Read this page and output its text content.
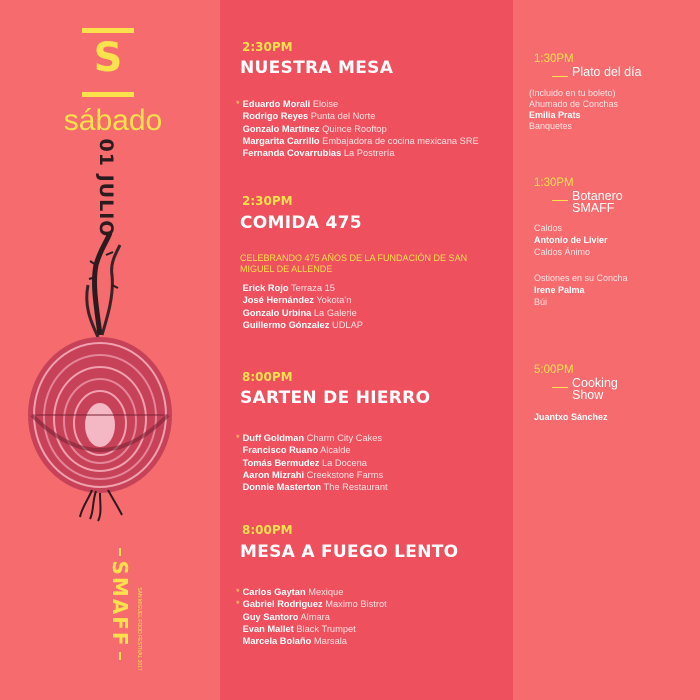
S
sábado
01 JULIO
SMAFF SAN MIGUEL FOOD FESTIVAL 2017
2:30PM
NUESTRA MESA
* Eduardo Morali Eloise
Rodrigo Reyes Punta del Norte
Gonzalo Martínez Quince Rooftop
Margarita Carrillo Embajadora de cocina mexicana SRE
Fernanda Covarrubias La Postrería
2:30PM
COMIDA 475
CELEBRANDO 475 AÑOS DE LA FUNDACIÓN DE SAN MIGUEL DE ALLENDE
Erick Rojo Terraza 15
José Hernández Yokota'n
Gonzalo Urbina La Galerie
Guillermo Gónzalez UDLAP
8:00PM
SARTEN DE HIERRO
* Duff Goldman Charm City Cakes
Francisco Ruano Alcalde
Tomás Bermudez La Docena
Aaron Mizrahi Creekstone Farms
Donnie Masterton The Restaurant
8:00PM
MESA A FUEGO LENTO
* Carlos Gaytan Mexique
* Gabriel Rodriguez Maximo Bistrot
Guy Santoro Almara
Evan Mallet Black Trumpet
Marcela Bolaño Marsala
1:30PM
Plato del día
(Incluido en tu boleto)
Ahumado de Conchas
Emilia Prats
Banquetes
1:30PM
Botanero
SMAFF
Caldos
Antonio de Livier
Caldos Ánimo
Ostiones en su Concha
Irene Palma
Búi
5:00PM
Cooking
Show
Juantxo Sánchez
